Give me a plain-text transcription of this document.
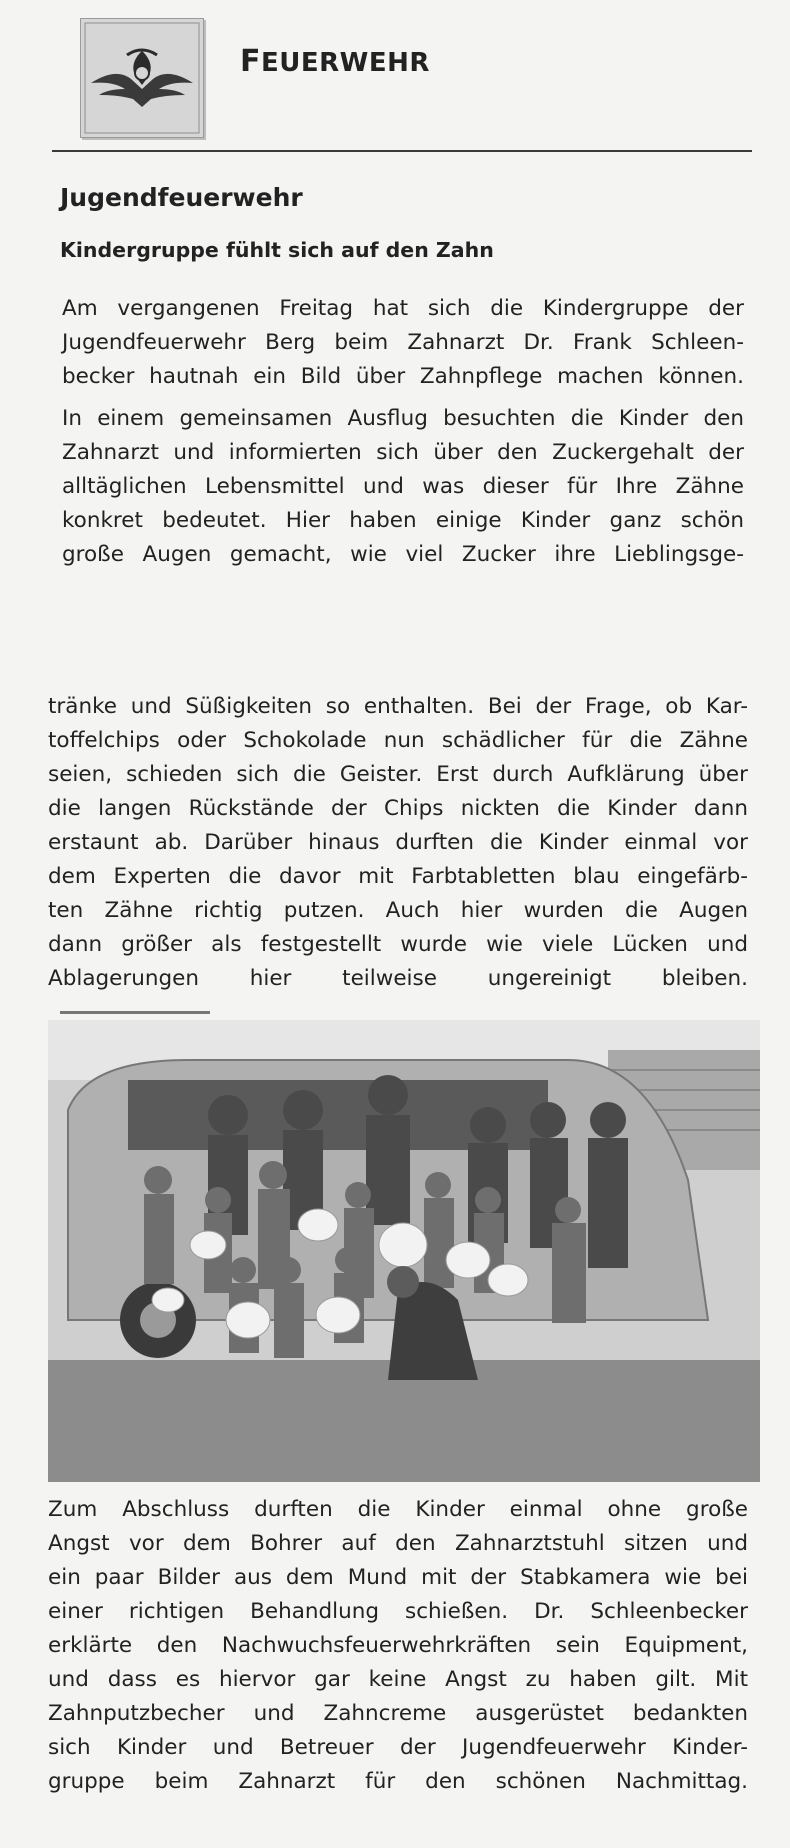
FEUERWEHR
Jugendfeuerwehr
Kindergruppe fühlt sich auf den Zahn
Am vergangenen Freitag hat sich die Kindergruppe der
Jugendfeuerwehr Berg beim Zahnarzt Dr. Frank Schleen-
becker hautnah ein Bild über Zahnpflege machen können.
In einem gemeinsamen Ausflug besuchten die Kinder den
Zahnarzt und informierten sich über den Zuckergehalt der
alltäglichen Lebensmittel und was dieser für Ihre Zähne
konkret bedeutet. Hier haben einige Kinder ganz schön
große Augen gemacht, wie viel Zucker ihre Lieblingsge-
tränke und Süßigkeiten so enthalten. Bei der Frage, ob Kar-
toffelchips oder Schokolade nun schädlicher für die Zähne
seien, schieden sich die Geister. Erst durch Aufklärung über
die langen Rückstände der Chips nickten die Kinder dann
erstaunt ab. Darüber hinaus durften die Kinder einmal vor
dem Experten die davor mit Farbtabletten blau eingefärb-
ten Zähne richtig putzen. Auch hier wurden die Augen
dann größer als festgestellt wurde wie viele Lücken und
Ablagerungen hier teilweise ungereinigt bleiben.
Zum Abschluss durften die Kinder einmal ohne große
Angst vor dem Bohrer auf den Zahnarztstuhl sitzen und
ein paar Bilder aus dem Mund mit der Stabkamera wie bei
einer richtigen Behandlung schießen. Dr. Schleenbecker
erklärte den Nachwuchsfeuerwehrkräften sein Equipment,
und dass es hiervor gar keine Angst zu haben gilt. Mit
Zahnputzbecher und Zahncreme ausgerüstet bedankten
sich Kinder und Betreuer der Jugendfeuerwehr Kinder-
gruppe beim Zahnarzt für den schönen Nachmittag.
